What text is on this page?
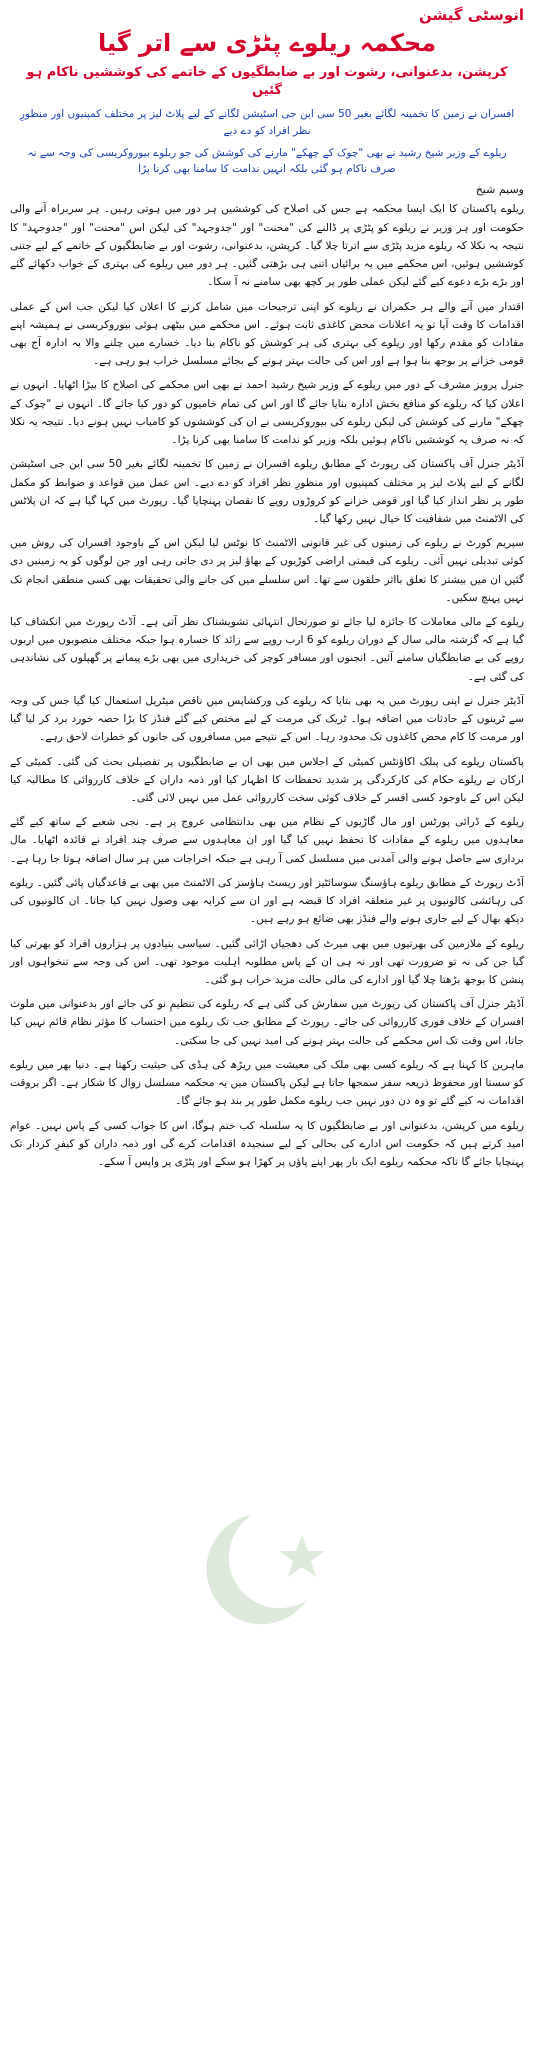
انوسٹی گیشن
محکمہ ریلوے پٹڑی سے اتر گیا
کرپشن، بدعنوانی، رشوت اور بے ضابطگیوں کے خاتمے کی کوششیں ناکام ہو گئیں
افسران نے زمین کا تخمینہ لگائے بغیر 50 سی این جی اسٹیشن لگانے کے لیے پلاٹ لیز پر مختلف کمپنیوں اور منظورِ نظر افراد کو دے دیے
ریلوے کے وزیر شیخ رشید نے بھی "چوک کے چھکے" مارنے کی کوشش کی جو ریلوے بیوروکریسی کی وجہ سے نہ صرف ناکام ہو گئی بلکہ انہیں ندامت کا سامنا بھی کرنا پڑا
وسیم شیخ

ریلوے پاکستان کا ایک ایسا محکمہ ہے جس کی اصلاح کی کوششیں ہر دور میں ہوتی رہیں۔ ہر سربراہ آنے والی حکومت اور ہر وزیر نے ریلوے کو پٹڑی پر ڈالنے کی "محنت" اور "جدوجہد" کی لیکن اس "محنت" اور "جدوجہد" کا نتیجہ یہ نکلا کہ ریلوے مزید پٹڑی سے اترتا چلا گیا۔ کرپشن، بدعنوانی، رشوت اور بے ضابطگیوں کے خاتمے کے لیے جتنی کوششیں ہوئیں، اس محکمے میں یہ برائیاں اتنی ہی بڑھتی گئیں۔ ہر دور میں ریلوے کی بہتری کے خواب دکھائے گئے اور بڑے بڑے دعوے کیے گئے لیکن عملی طور پر کچھ بھی سامنے نہ آ سکا۔

اقتدار میں آنے والے ہر حکمران نے ریلوے کو اپنی ترجیحات میں شامل کرنے کا اعلان کیا لیکن جب اس کے عملی اقدامات کا وقت آیا تو یہ اعلانات محض کاغذی ثابت ہوئے۔ اس محکمے میں بیٹھی ہوئی بیوروکریسی نے ہمیشہ اپنے مفادات کو مقدم رکھا اور ریلوے کی بہتری کی ہر کوشش کو ناکام بنا دیا۔ خسارے میں چلنے والا یہ ادارہ آج بھی قومی خزانے پر بوجھ بنا ہوا ہے اور اس کی حالت بہتر ہونے کے بجائے مسلسل خراب ہو رہی ہے۔

جنرل پرویز مشرف کے دور میں ریلوے کے وزیر شیخ رشید احمد نے بھی اس محکمے کی اصلاح کا بیڑا اٹھایا۔ انہوں نے اعلان کیا کہ ریلوے کو منافع بخش ادارہ بنایا جائے گا اور اس کی تمام خامیوں کو دور کیا جائے گا۔ انہوں نے "چوک کے چھکے" مارنے کی کوشش کی لیکن ریلوے کی بیوروکریسی نے ان کی کوششوں کو کامیاب نہیں ہونے دیا۔ نتیجہ یہ نکلا کہ نہ صرف یہ کوششیں ناکام ہوئیں بلکہ وزیر کو ندامت کا سامنا بھی کرنا پڑا۔

آڈیٹر جنرل آف پاکستان کی رپورٹ کے مطابق ریلوے افسران نے زمین کا تخمینہ لگائے بغیر 50 سی این جی اسٹیشن لگانے کے لیے پلاٹ لیز پر مختلف کمپنیوں اور منظورِ نظر افراد کو دے دیے۔ اس عمل میں قواعد و ضوابط کو مکمل طور پر نظر انداز کیا گیا اور قومی خزانے کو کروڑوں روپے کا نقصان پہنچایا گیا۔ رپورٹ میں کہا گیا ہے کہ ان پلاٹس کی الاٹمنٹ میں شفافیت کا خیال نہیں رکھا گیا۔

سپریم کورٹ نے ریلوے کی زمینوں کی غیر قانونی الاٹمنٹ کا نوٹس لیا لیکن اس کے باوجود افسران کی روش میں کوئی تبدیلی نہیں آئی۔ ریلوے کی قیمتی اراضی کوڑیوں کے بھاؤ لیز پر دی جاتی رہی اور جن لوگوں کو یہ زمینیں دی گئیں ان میں بیشتر کا تعلق بااثر حلقوں سے تھا۔ اس سلسلے میں کی جانے والی تحقیقات بھی کسی منطقی انجام تک نہیں پہنچ سکیں۔

ریلوے کے مالی معاملات کا جائزہ لیا جائے تو صورتحال انتہائی تشویشناک نظر آتی ہے۔ آڈٹ رپورٹ میں انکشاف کیا گیا ہے کہ گزشتہ مالی سال کے دوران ریلوے کو 6 ارب روپے سے زائد کا خسارہ ہوا جبکہ مختلف منصوبوں میں اربوں روپے کی بے ضابطگیاں سامنے آئیں۔ انجنوں اور مسافر کوچز کی خریداری میں بھی بڑے پیمانے پر گھپلوں کی نشاندہی کی گئی ہے۔

آڈیٹر جنرل نے اپنی رپورٹ میں یہ بھی بتایا کہ ریلوے کی ورکشاپس میں ناقص میٹریل استعمال کیا گیا جس کی وجہ سے ٹرینوں کے حادثات میں اضافہ ہوا۔ ٹریک کی مرمت کے لیے مختص کیے گئے فنڈز کا بڑا حصہ خورد برد کر لیا گیا اور مرمت کا کام محض کاغذوں تک محدود رہا۔ اس کے نتیجے میں مسافروں کی جانوں کو خطرات لاحق رہے۔

پاکستان ریلوے کی پبلک اکاؤنٹس کمیٹی کے اجلاس میں بھی ان بے ضابطگیوں پر تفصیلی بحث کی گئی۔ کمیٹی کے ارکان نے ریلوے حکام کی کارکردگی پر شدید تحفظات کا اظہار کیا اور ذمہ داران کے خلاف کارروائی کا مطالبہ کیا لیکن اس کے باوجود کسی افسر کے خلاف کوئی سخت کارروائی عمل میں نہیں لائی گئی۔

ریلوے کے ڈرائی پورٹس اور مال گاڑیوں کے نظام میں بھی بدانتظامی عروج پر ہے۔ نجی شعبے کے ساتھ کیے گئے معاہدوں میں ریلوے کے مفادات کا تحفظ نہیں کیا گیا اور ان معاہدوں سے صرف چند افراد نے فائدہ اٹھایا۔ مال برداری سے حاصل ہونے والی آمدنی میں مسلسل کمی آ رہی ہے جبکہ اخراجات میں ہر سال اضافہ ہوتا جا رہا ہے۔

آڈٹ رپورٹ کے مطابق ریلوے ہاؤسنگ سوسائٹیز اور ریسٹ ہاؤسز کی الاٹمنٹ میں بھی بے قاعدگیاں پائی گئیں۔ ریلوے کی رہائشی کالونیوں پر غیر متعلقہ افراد کا قبضہ ہے اور ان سے کرایہ بھی وصول نہیں کیا جاتا۔ ان کالونیوں کی دیکھ بھال کے لیے جاری ہونے والے فنڈز بھی ضائع ہو رہے ہیں۔

ریلوے کے ملازمین کی بھرتیوں میں بھی میرٹ کی دھجیاں اڑائی گئیں۔ سیاسی بنیادوں پر ہزاروں افراد کو بھرتی کیا گیا جن کی نہ تو ضرورت تھی اور نہ ہی ان کے پاس مطلوبہ اہلیت موجود تھی۔ اس کی وجہ سے تنخواہوں اور پنشن کا بوجھ بڑھتا چلا گیا اور ادارے کی مالی حالت مزید خراب ہو گئی۔

آڈیٹر جنرل آف پاکستان کی رپورٹ میں سفارش کی گئی ہے کہ ریلوے کی تنظیمِ نو کی جائے اور بدعنوانی میں ملوث افسران کے خلاف فوری کارروائی کی جائے۔ رپورٹ کے مطابق جب تک ریلوے میں احتساب کا مؤثر نظام قائم نہیں کیا جاتا، اس وقت تک اس محکمے کی حالت بہتر ہونے کی امید نہیں کی جا سکتی۔

ماہرین کا کہنا ہے کہ ریلوے کسی بھی ملک کی معیشت میں ریڑھ کی ہڈی کی حیثیت رکھتا ہے۔ دنیا بھر میں ریلوے کو سستا اور محفوظ ذریعہ سفر سمجھا جاتا ہے لیکن پاکستان میں یہ محکمہ مسلسل زوال کا شکار ہے۔ اگر بروقت اقدامات نہ کیے گئے تو وہ دن دور نہیں جب ریلوے مکمل طور پر بند ہو جائے گا۔

ریلوے میں کرپشن، بدعنوانی اور بے ضابطگیوں کا یہ سلسلہ کب ختم ہوگا، اس کا جواب کسی کے پاس نہیں۔ عوام امید کرتے ہیں کہ حکومت اس ادارے کی بحالی کے لیے سنجیدہ اقدامات کرے گی اور ذمہ داران کو کیفرِ کردار تک پہنچایا جائے گا تاکہ محکمہ ریلوے ایک بار پھر اپنے پاؤں پر کھڑا ہو سکے اور پٹڑی پر واپس آ سکے۔
